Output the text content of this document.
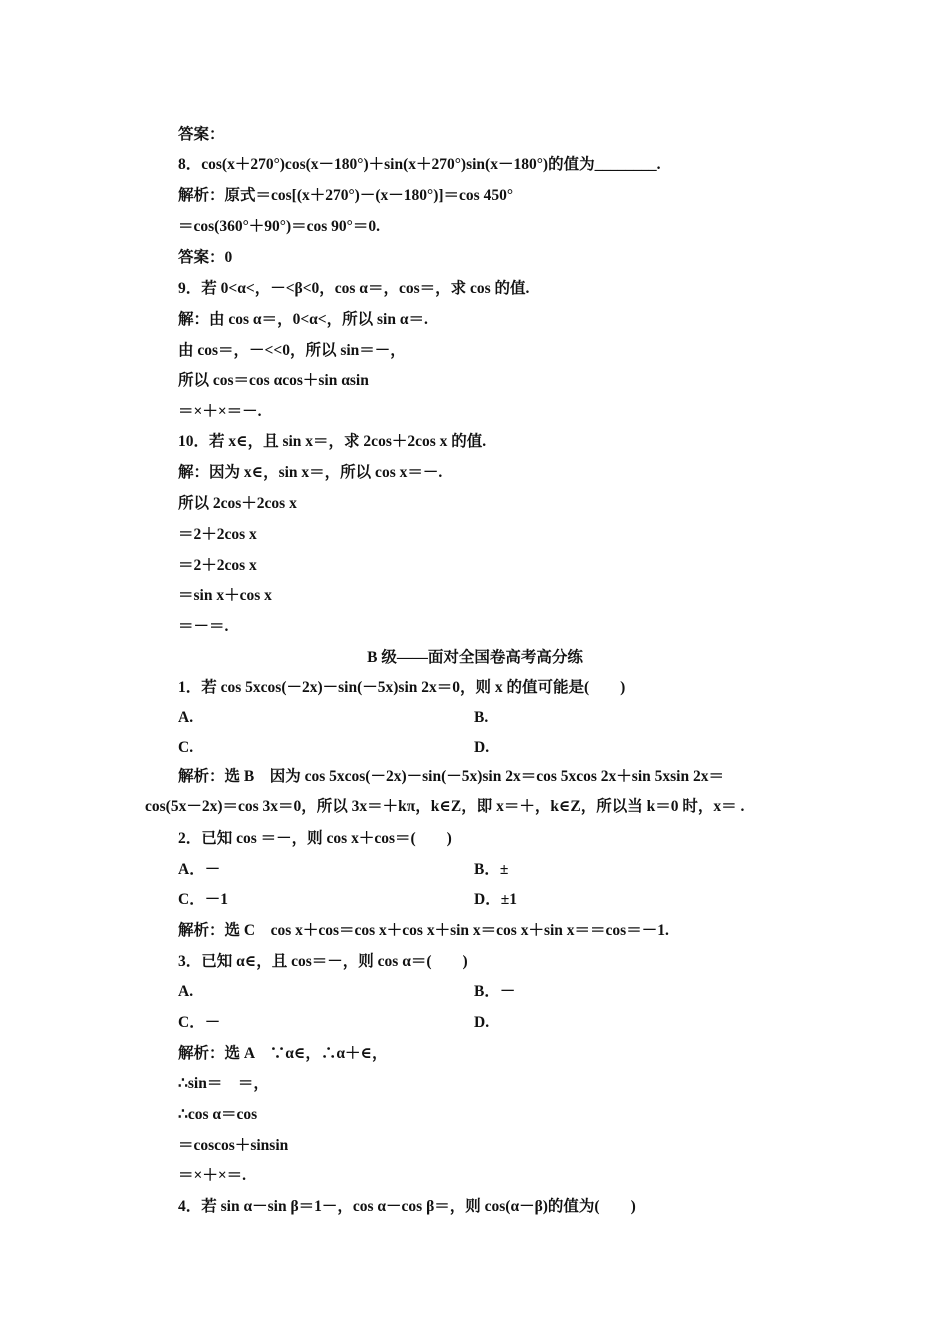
答案：
8．cos(x＋270°)cos(x－180°)＋sin(x＋270°)sin(x－180°)的值为________.
解析：原式＝cos[(x＋270°)－(x－180°)]＝cos 450°
＝cos(360°＋90°)＝cos 90°＝0.
答案：0
9．若 0<α<，－<β<0，cos α＝，cos＝，求 cos 的值.
解：由 cos α＝，0<α<，所以 sin α＝.
由 cos＝，－<<0，所以 sin＝－，
所以 cos＝cos αcos＋sin αsin
＝×＋×＝－.
10．若 x∈，且 sin x＝，求 2cos＋2cos x 的值.
解：因为 x∈，sin x＝，所以 cos x＝－.
所以 2cos＋2cos x
＝2＋2cos x
＝2＋2cos x
＝sin x＋cos x
＝－＝.
B 级——面对全国卷高考高分练
1．若 cos 5xcos(－2x)－sin(－5x)sin 2x＝0，则 x 的值可能是(　　)
A.	B.
C.	D.
解析：选 B　因为 cos 5xcos(－2x)－sin(－5x)sin 2x＝cos 5xcos 2x＋sin 5xsin 2x＝
cos(5x－2x)＝cos 3x＝0，所以 3x＝＋kπ，k∈Z，即 x＝＋，k∈Z，所以当 k＝0 时，x＝ .
2．已知 cos ＝－，则 cos x＋cos＝(　　)
A．－	B．±
C．－1	D．±1
解析：选 C　cos x＋cos＝cos x＋cos x＋sin x＝cos x＋sin x＝＝cos＝－1.
3．已知 α∈，且 cos＝－，则 cos α＝(　　)
A.	B．－
C．－	D.
解析：选 A　∵α∈，∴α＋∈，
∴sin＝　＝，
∴cos α＝cos
＝coscos＋sinsin
＝×＋×＝.
4．若 sin α－sin β＝1－，cos α－cos β＝，则 cos(α－β)的值为(　　)
